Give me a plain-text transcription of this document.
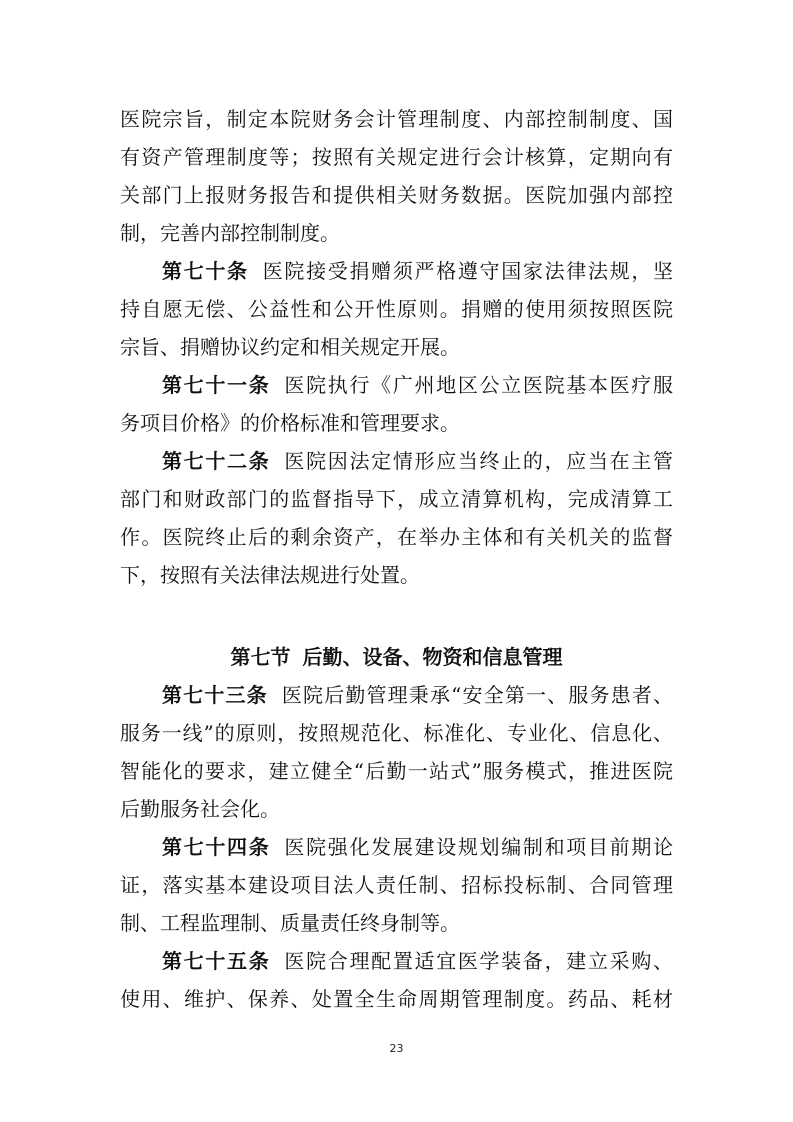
医院宗旨，制定本院财务会计管理制度、内部控制制度、国
有资产管理制度等；按照有关规定进行会计核算，定期向有
关部门上报财务报告和提供相关财务数据。医院加强内部控
制，完善内部控制制度。
第七十条 医院接受捐赠须严格遵守国家法律法规，坚
持自愿无偿、公益性和公开性原则。捐赠的使用须按照医院
宗旨、捐赠协议约定和相关规定开展。
第七十一条 医院执行《广州地区公立医院基本医疗服
务项目价格》的价格标准和管理要求。
第七十二条 医院因法定情形应当终止的，应当在主管
部门和财政部门的监督指导下，成立清算机构，完成清算工
作。医院终止后的剩余资产，在举办主体和有关机关的监督
下，按照有关法律法规进行处置。
第七节 后勤、设备、物资和信息管理
第七十三条 医院后勤管理秉承“安全第一、服务患者、
服务一线”的原则，按照规范化、标准化、专业化、信息化、
智能化的要求，建立健全“后勤一站式”服务模式，推进医院
后勤服务社会化。
第七十四条 医院强化发展建设规划编制和项目前期论
证，落实基本建设项目法人责任制、招标投标制、合同管理
制、工程监理制、质量责任终身制等。
第七十五条 医院合理配置适宜医学装备，建立采购、
使用、维护、保养、处置全生命周期管理制度。药品、耗材
23
